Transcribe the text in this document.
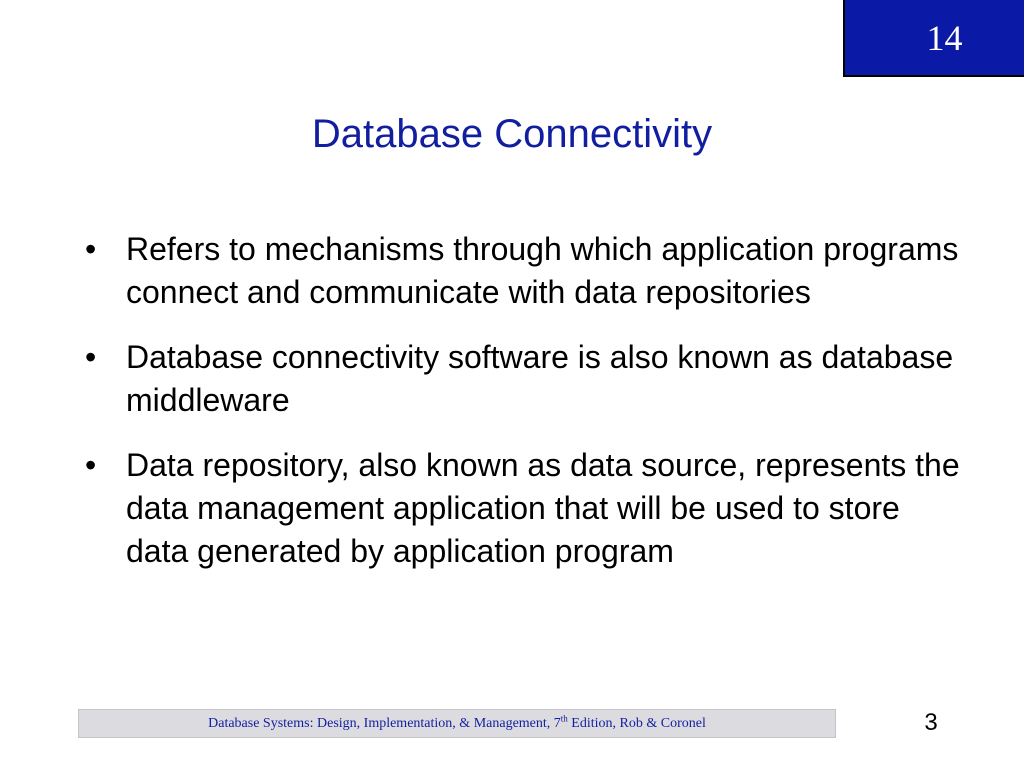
14
Database Connectivity
• Refers to mechanisms through which application programs connect and communicate with data repositories
• Database connectivity software is also known as database middleware
• Data repository, also known as data source, represents the data management application that will be used to store data generated by application program
Database Systems: Design, Implementation, & Management, 7th Edition, Rob & Coronel	3
